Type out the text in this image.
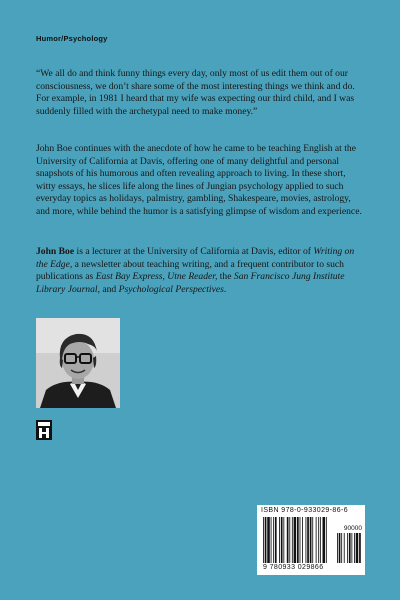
Humor/Psychology

“We all do and think funny things every day, only most of us edit them out of our consciousness, we don’t share some of the most interesting things we think and do. For example, in 1981 I heard that my wife was expecting our third child, and I was suddenly filled with the archetypal need to make money.”

John Boe continues with the anecdote of how he came to be teaching English at the University of California at Davis, offering one of many delightful and personal snapshots of his humorous and often revealing approach to living. In these short, witty essays, he slices life along the lines of Jungian psychology applied to such everyday topics as holidays, palmistry, gambling, Shakespeare, movies, astrology, and more, while behind the humor is a satisfying glimpse of wisdom and experience.

John Boe is a lecturer at the University of California at Davis, editor of Writing on the Edge, a newsletter about teaching writing, and a frequent contributor to such publications as East Bay Express, Utne Reader, the San Francisco Jung Institute Library Journal, and Psychological Perspectives.

ISBN 978-0-933029-86-6
90000
9 780933 029866
